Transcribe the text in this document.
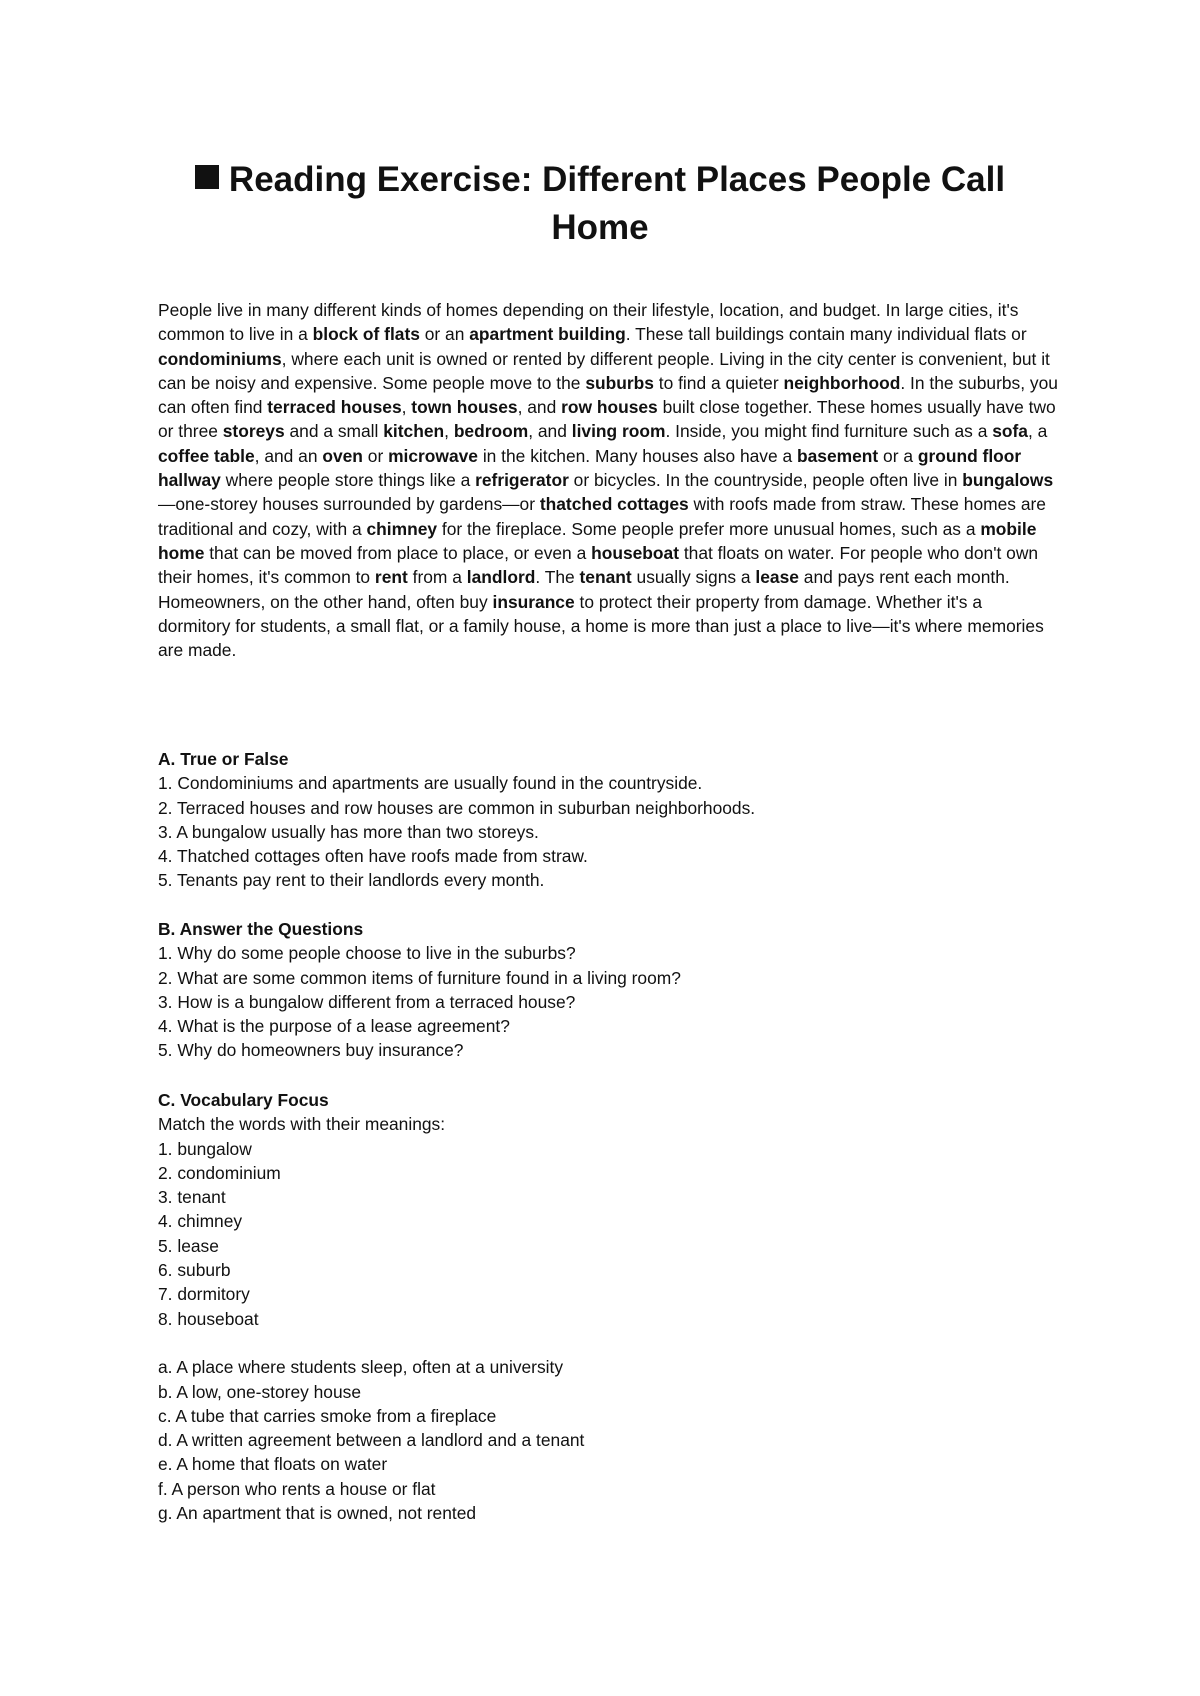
Reading Exercise: Different Places People Call Home

People live in many different kinds of homes depending on their lifestyle, location, and budget. In large cities, it's common to live in a block of flats or an apartment building. These tall buildings contain many individual flats or condominiums, where each unit is owned or rented by different people. Living in the city center is convenient, but it can be noisy and expensive. Some people move to the suburbs to find a quieter neighborhood. In the suburbs, you can often find terraced houses, town houses, and row houses built close together. These homes usually have two or three storeys and a small kitchen, bedroom, and living room. Inside, you might find furniture such as a sofa, a coffee table, and an oven or microwave in the kitchen. Many houses also have a basement or a ground floor hallway where people store things like a refrigerator or bicycles. In the countryside, people often live in bungalows—one-storey houses surrounded by gardens—or thatched cottages with roofs made from straw. These homes are traditional and cozy, with a chimney for the fireplace. Some people prefer more unusual homes, such as a mobile home that can be moved from place to place, or even a houseboat that floats on water. For people who don't own their homes, it's common to rent from a landlord. The tenant usually signs a lease and pays rent each month. Homeowners, on the other hand, often buy insurance to protect their property from damage. Whether it's a dormitory for students, a small flat, or a family house, a home is more than just a place to live—it's where memories are made.

A. True or False
1. Condominiums and apartments are usually found in the countryside.
2. Terraced houses and row houses are common in suburban neighborhoods.
3. A bungalow usually has more than two storeys.
4. Thatched cottages often have roofs made from straw.
5. Tenants pay rent to their landlords every month.
B. Answer the Questions
1. Why do some people choose to live in the suburbs?
2. What are some common items of furniture found in a living room?
3. How is a bungalow different from a terraced house?
4. What is the purpose of a lease agreement?
5. Why do homeowners buy insurance?
C. Vocabulary Focus

Match the words with their meanings:

1. bungalow
2. condominium
3. tenant
4. chimney
5. lease
6. suburb
7. dormitory
8. houseboat
a. A place where students sleep, often at a university
b. A low, one-storey house
c. A tube that carries smoke from a fireplace
d. A written agreement between a landlord and a tenant
e. A home that floats on water
f. A person who rents a house or flat
g. An apartment that is owned, not rented
